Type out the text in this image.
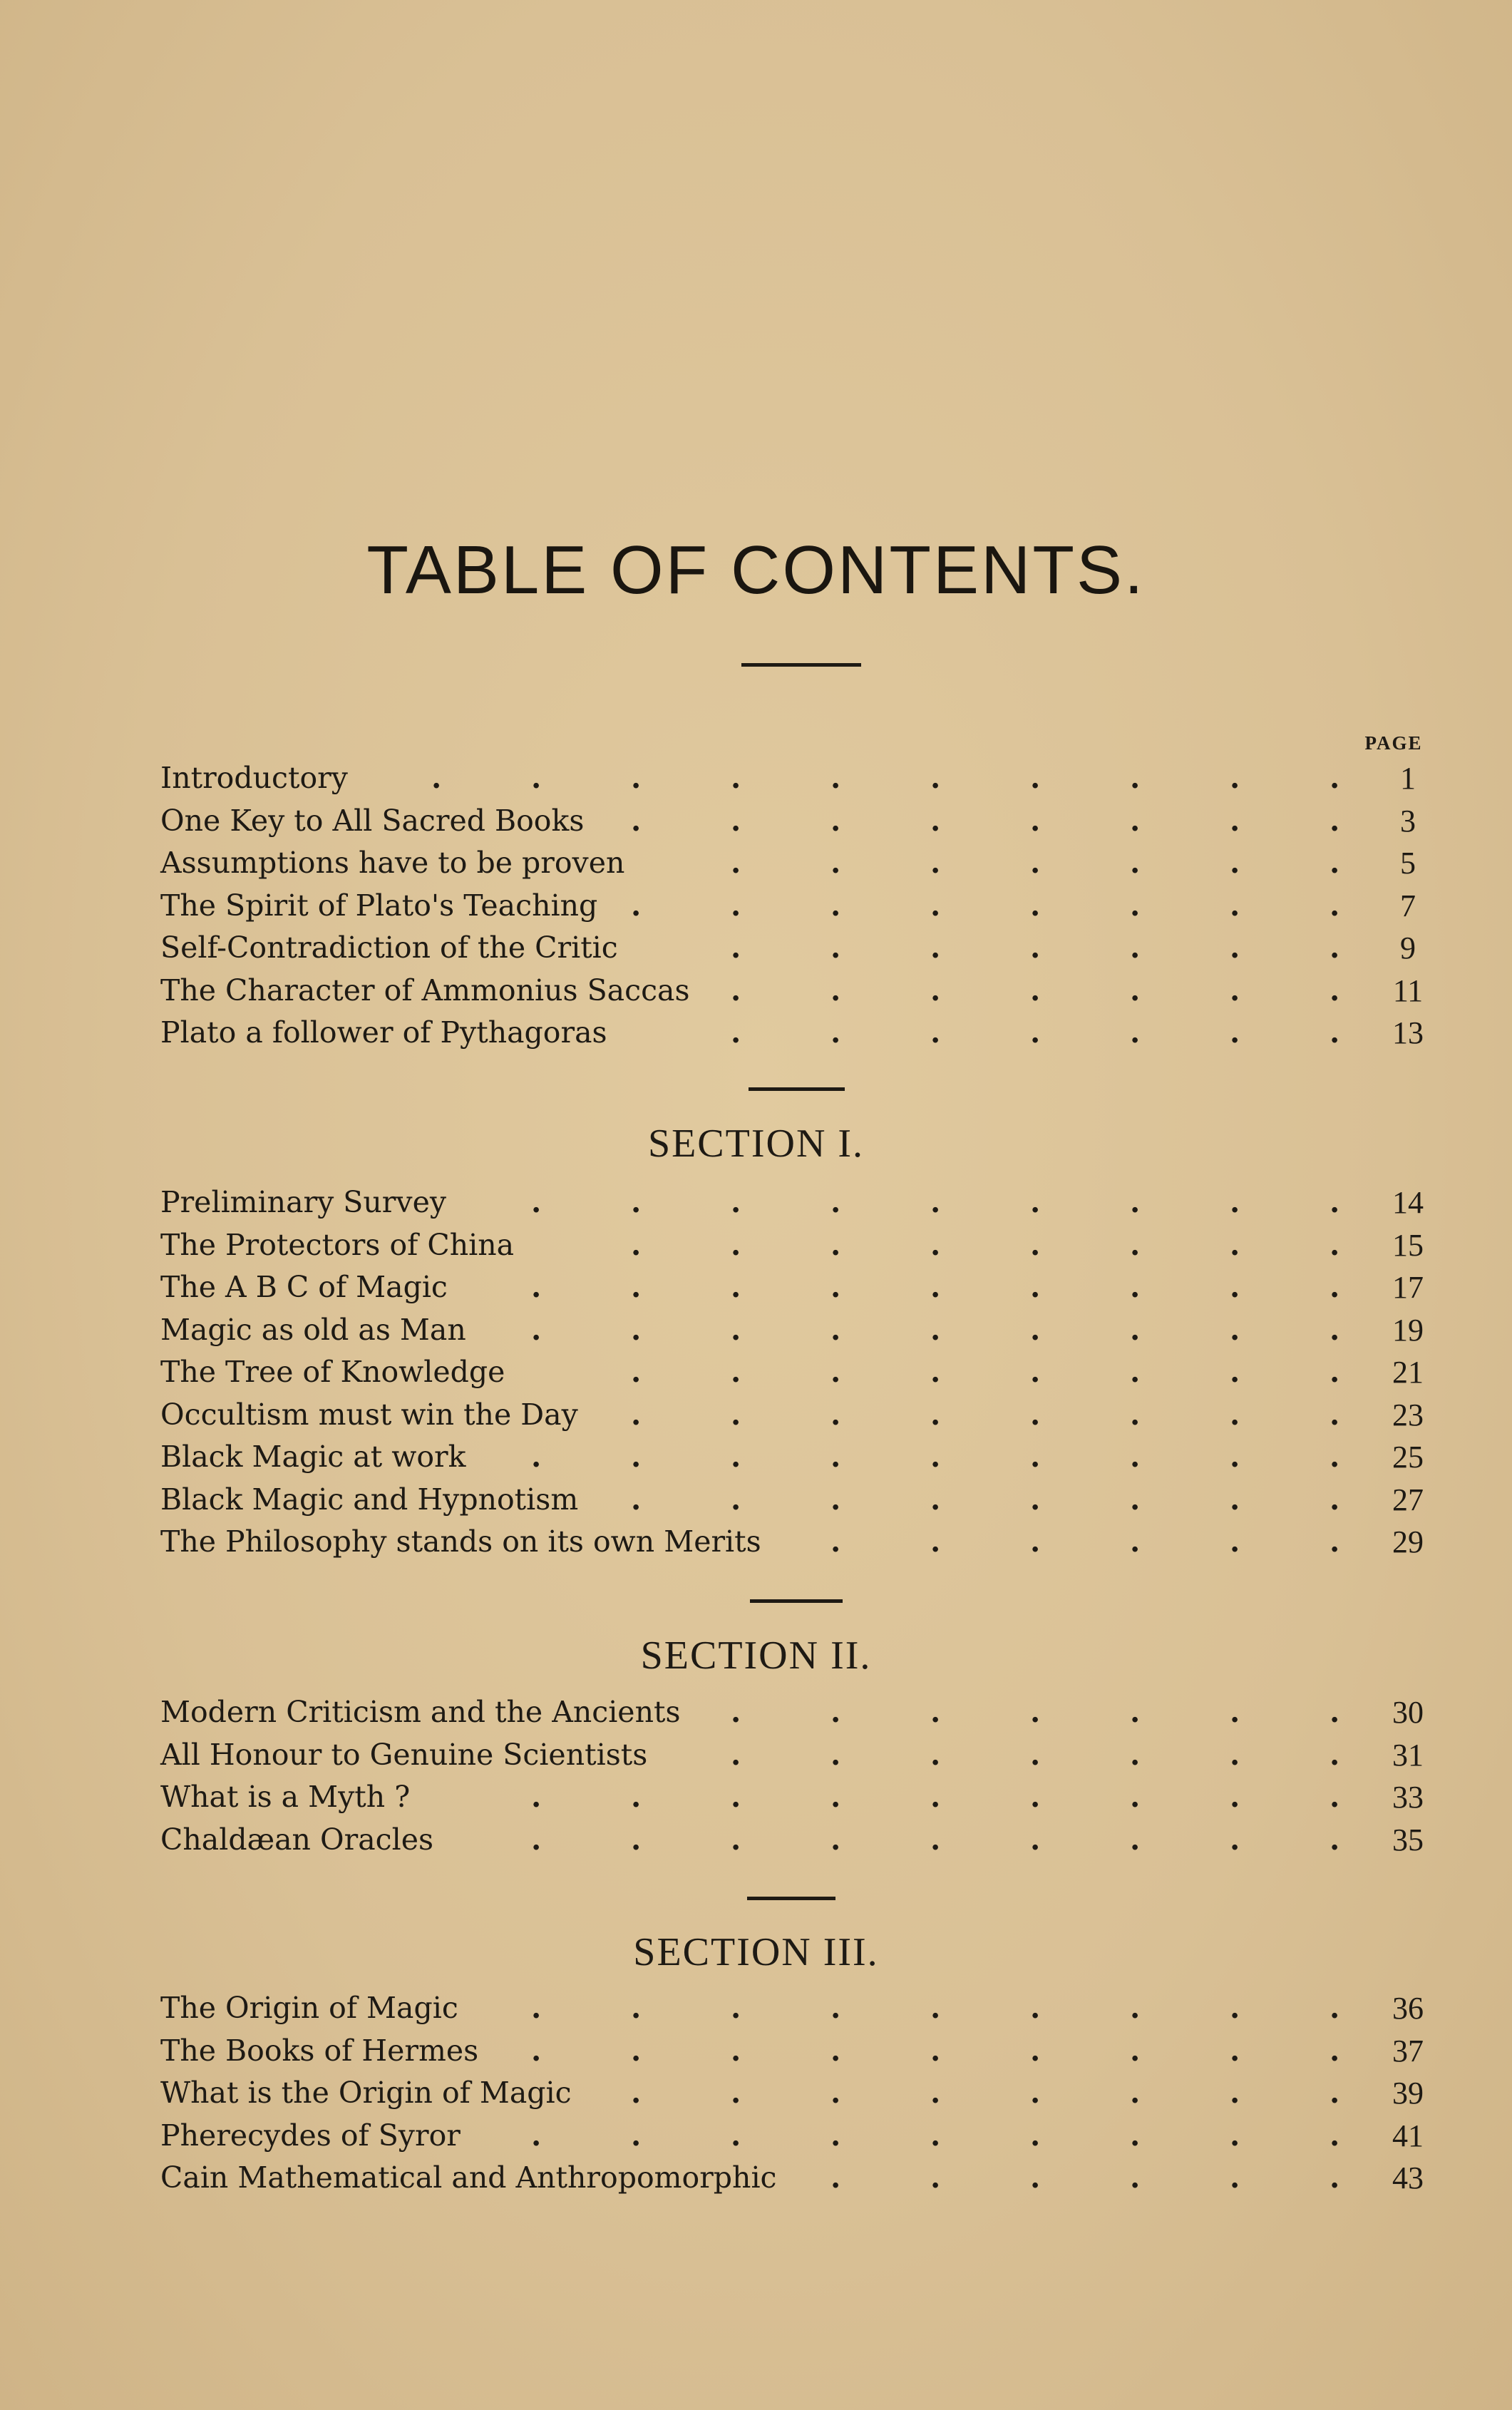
TABLE OF CONTENTS.
PAGE
Introductory	1
.	.	.	.	.	.	.	.	.	.
One Key to All Sacred Books	3
.	.	.	.	.	.	.	.
Assumptions have to be proven	5
.	.	.	.	.	.	.
The Spirit of Plato's Teaching	7
.	.	.	.	.	.	.	.
Self-Contradiction of the Critic	9
.	.	.	.	.	.	.
The Character of Ammonius Saccas	11
.	.	.	.	.	.	.
Plato a follower of Pythagoras	13
.	.	.	.	.	.	.
SECTION I.
Preliminary Survey	14
.	.	.	.	.	.	.	.	.
The Protectors of China	15
.	.	.	.	.	.	.	.
The A B C of Magic	17
.	.	.	.	.	.	.	.	.
Magic as old as Man	19
.	.	.	.	.	.	.	.	.
The Tree of Knowledge	21
.	.	.	.	.	.	.	.
Occultism must win the Day	23
.	.	.	.	.	.	.	.
Black Magic at work	25
.	.	.	.	.	.	.	.	.
Black Magic and Hypnotism	27
.	.	.	.	.	.	.	.
The Philosophy stands on its own Merits	29
.	.	.	.	.	.
SECTION II.
Modern Criticism and the Ancients	30
.	.	.	.	.	.	.
All Honour to Genuine Scientists	31
.	.	.	.	.	.	.
What is a Myth ?	33
.	.	.	.	.	.	.	.	.
Chaldæan Oracles	35
.	.	.	.	.	.	.	.	.
SECTION III.
The Origin of Magic	36
.	.	.	.	.	.	.	.	.
The Books of Hermes	37
.	.	.	.	.	.	.	.	.
What is the Origin of Magic	39
.	.	.	.	.	.	.	.
Pherecydes of Syror	41
.	.	.	.	.	.	.	.	.
Cain Mathematical and Anthropomorphic	43
.	.	.	.	.	.
